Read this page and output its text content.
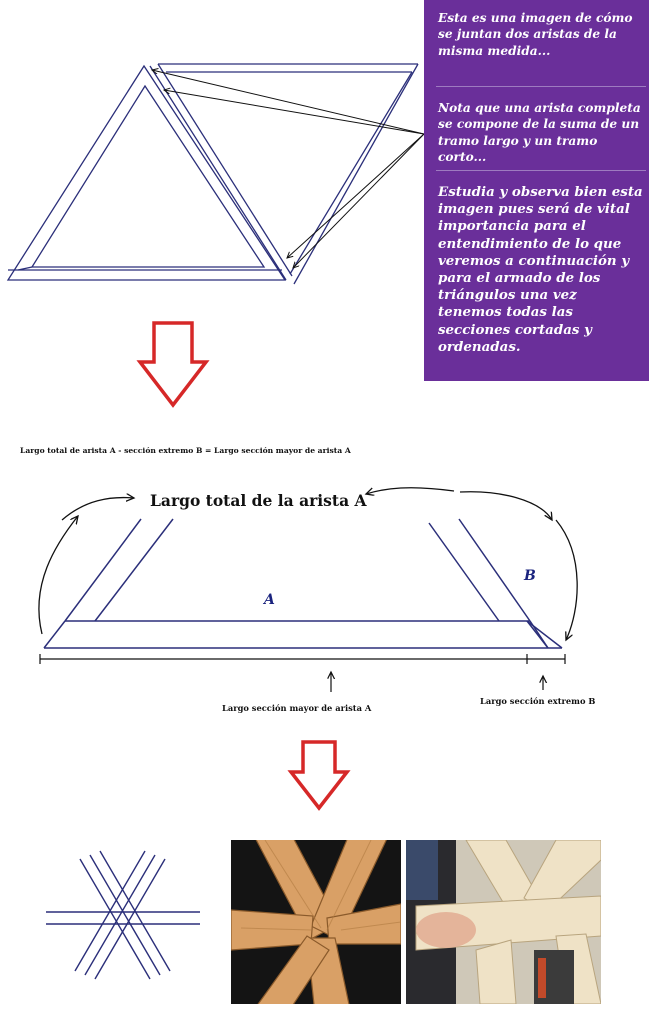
Esta es una imagen de cómo se juntan dos aristas de la misma medida...
Nota que una arista completa se compone de la suma de un tramo largo y un tramo corto...
Estudia y observa bien esta imagen pues será de vital importancia para el entendimiento de lo que veremos a continuación y para el armado de los triángulos una vez tenemos todas las secciones cortadas y ordenadas.
Largo total de arista A - sección extremo B = Largo sección mayor de arista A
Largo total de la arista A
A
B
Largo sección mayor de arista A
Largo sección extremo B
